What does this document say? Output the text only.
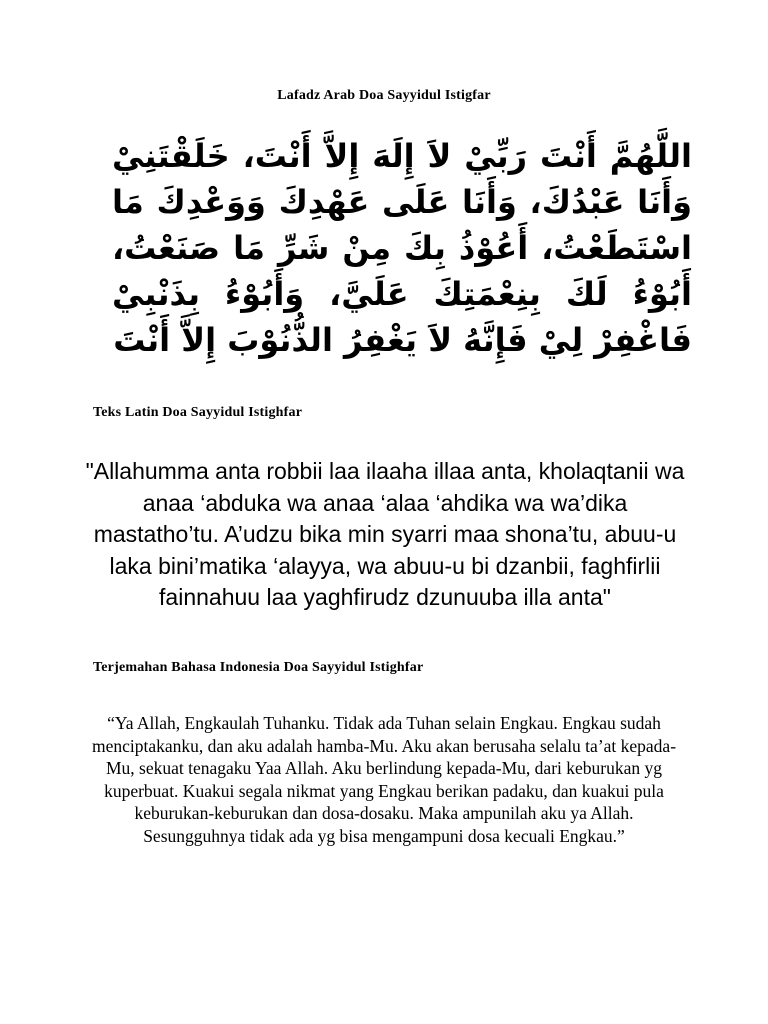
Lafadz Arab Doa Sayyidul Istigfar
اللَّهُمَّ أَنْتَ رَبِّيْ لاَ إِلَهَ إِلاَّ أَنْتَ، خَلَقْتَنِيْ وَأَنَا عَبْدُكَ، وَأَنَا عَلَى عَهْدِكَ وَوَعْدِكَ مَا اسْتَطَعْتُ، أَعُوْذُ بِكَ مِنْ شَرِّ مَا صَنَعْتُ، أَبُوْءُ لَكَ بِنِعْمَتِكَ عَلَيَّ، وَأَبُوْءُ بِذَنْبِيْ فَاغْفِرْ لِيْ فَإِنَّهُ لاَ يَغْفِرُ الذُّنُوْبَ إِلاَّ أَنْتَ
Teks Latin Doa Sayyidul Istighfar
"Allahumma anta robbii laa ilaaha illaa anta, kholaqtanii wa anaa ‘abduka wa anaa ‘alaa ‘ahdika wa wa’dika mastatho’tu. A’udzu bika min syarri maa shona’tu, abuu-u laka bini’matika ‘alayya, wa abuu-u bi dzanbii, faghfirlii fainnahuu laa yaghfirudz dzunuuba illa anta"
Terjemahan Bahasa Indonesia Doa Sayyidul Istighfar
“Ya Allah, Engkaulah Tuhanku. Tidak ada Tuhan selain Engkau. Engkau sudah menciptakanku, dan aku adalah hamba-Mu. Aku akan berusaha selalu ta’at kepada-Mu, sekuat tenagaku Yaa Allah. Aku berlindung kepada-Mu, dari keburukan yg kuperbuat. Kuakui segala nikmat yang Engkau berikan padaku, dan kuakui pula keburukan-keburukan dan dosa-dosaku. Maka ampunilah aku ya Allah. Sesungguhnya tidak ada yg bisa mengampuni dosa kecuali Engkau.”
